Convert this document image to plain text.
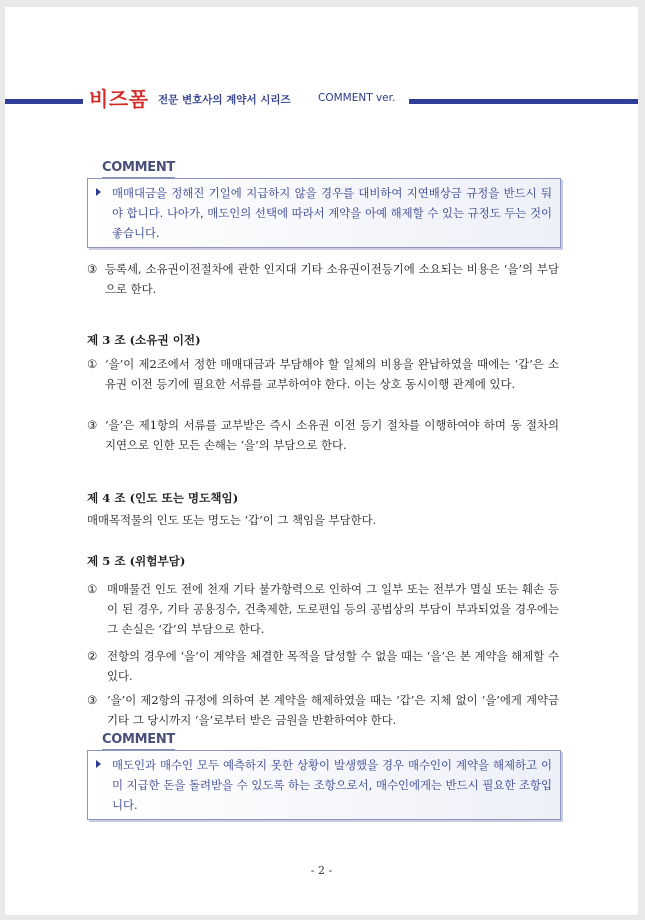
비즈폼 전문 변호사의 계약서 시리즈	COMMENT ver.
COMMENT
매매대금을 정해진 기일에 지급하지 않을 경우를 대비하여 지연배상금 규정을 반드시 둬야 합니다. 나아가, 매도인의 선택에 따라서 계약을 아예 해제할 수 있는 규정도 두는 것이 좋습니다.
③ 등록세, 소유권이전절차에 관한 인지대 기타 소유권이전등기에 소요되는 비용은 ‘을’의 부담으로 한다.
제 3 조 (소유권 이전)
① ‘을’이 제2조에서 정한 매매대금과 부담해야 할 일체의 비용을 완납하였을 때에는 ‘갑’은 소유권 이전 등기에 필요한 서류를 교부하여야 한다. 이는 상호 동시이행 관계에 있다.
③ ‘을’은 제1항의 서류를 교부받은 즉시 소유권 이전 등기 절차를 이행하여야 하며 동 절차의 지연으로 인한 모든 손해는 ‘을’의 부담으로 한다.
제 4 조 (인도 또는 명도책임)
매매목적물의 인도 또는 명도는 ‘갑’이 그 책임을 부담한다.
제 5 조 (위험부담)
① 매매물건 인도 전에 천재 기타 불가항력으로 인하여 그 일부 또는 전부가 멸실 또는 훼손 등이 된 경우, 기타 공용징수, 건축제한, 도로편입 등의 공법상의 부담이 부과되었을 경우에는 그 손실은 ‘갑’의 부담으로 한다.
② 전항의 경우에 ‘을’이 계약을 체결한 목적을 달성할 수 없을 때는 ‘을’은 본 계약을 해제할 수 있다.
③ ‘을’이 제2항의 규정에 의하여 본 계약을 해제하였을 때는 ‘갑’은 지체 없이 ‘을’에게 계약금 기타 그 당시까지 ‘을’로부터 받은 금원을 반환하여야 한다.
COMMENT
매도인과 매수인 모두 예측하지 못한 상황이 발생했을 경우 매수인이 계약을 해제하고 이미 지급한 돈을 돌려받을 수 있도록 하는 조항으로서, 매수인에게는 반드시 필요한 조항입니다.
- 2 -
